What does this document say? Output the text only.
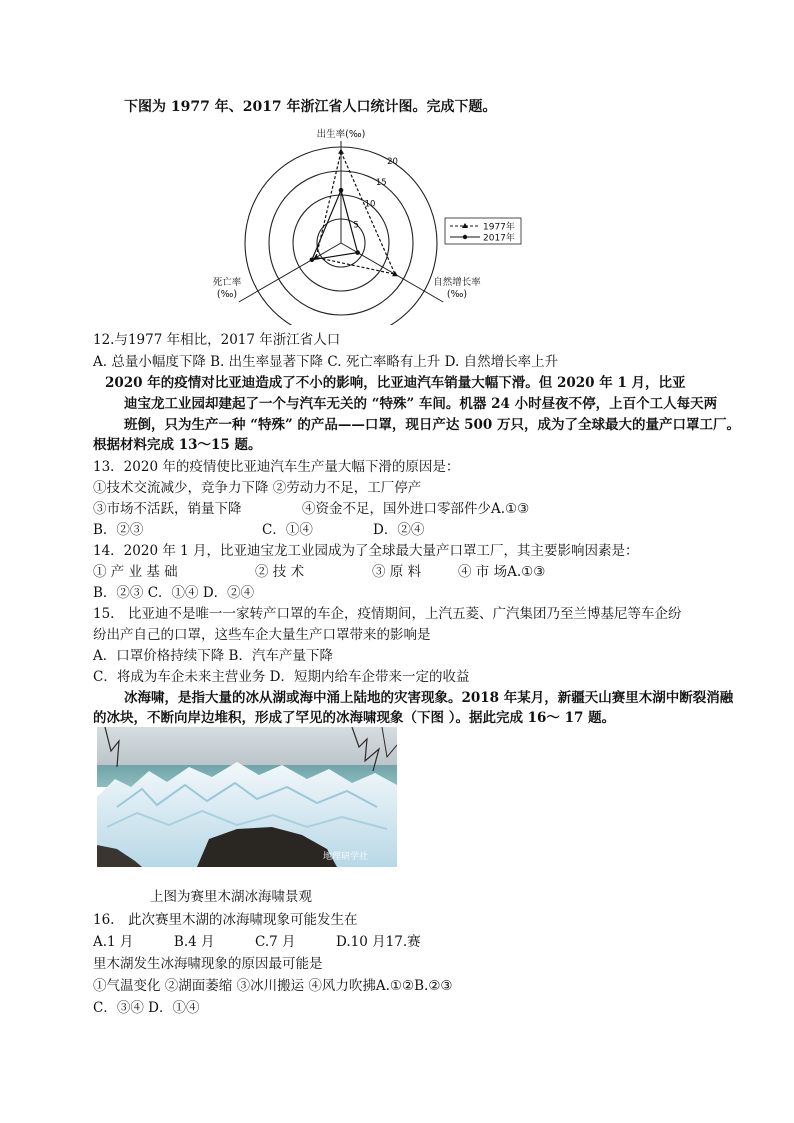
下图为 1977 年、2017 年浙江省人口统计图。完成下题。
5
10
15
20
出生率(‰)
死亡率
(‰)
自然增长率
(‰)
1977年
2017年
12.与1977 年相比，2017 年浙江省人口
A. 总量小幅度下降 B. 出生率显著下降 C. 死亡率略有上升 D. 自然增长率上升
2020 年的疫情对比亚迪造成了不小的影响，比亚迪汽车销量大幅下滑。但 2020 年 1 月，比亚
迪宝龙工业园却建起了一个与汽车无关的 “特殊” 车间。机器 24 小时昼夜不停，上百个工人每天两
班倒，只为生产一种 “特殊” 的产品——口罩，现日产达 500 万只，成为了全球最大的量产口罩工厂。
根据材料完成 13～15 题。
13．2020 年的疫情使比亚迪汽车生产量大幅下滑的原因是：
①技术交流减少，竞争力下降 ②劳动力不足，工厂停产
③市场不活跃，销量下降	④资金不足，国外进口零部件少A.①③
B．②③	C．①④	D．②④
14．2020 年 1 月，比亚迪宝龙工业园成为了全球最大量产口罩工厂，其主要影响因素是：
① 产 业 基 础	② 技 术	③ 原 料	④ 市 场A.①③
B．②③ C．①④ D．②④
15.　比亚迪不是唯一一家转产口罩的车企，疫情期间，上汽五菱、广汽集团乃至兰博基尼等车企纷
纷出产自己的口罩，这些车企大量生产口罩带来的影响是
A．口罩价格持续下降 B．汽车产量下降
C．将成为车企未来主营业务 D．短期内给车企带来一定的收益
冰海啸，是指大量的冰从湖或海中涌上陆地的灾害现象。2018 年某月，新疆天山赛里木湖中断裂消融
的冰块，不断向岸边堆积，形成了罕见的冰海啸现象（下图 ）。据此完成 16～ 17 题。
地理研学社
上图为赛里木湖冰海啸景观
16.　此次赛里木湖的冰海啸现象可能发生在
A.1 月　　　B.4 月　　　C.7 月　　　D.10 月17.赛
里木湖发生冰海啸现象的原因最可能是
①气温变化 ②湖面萎缩 ③冰川搬运 ④风力吹拂A.①②B.②③
C．③④ D．①④
